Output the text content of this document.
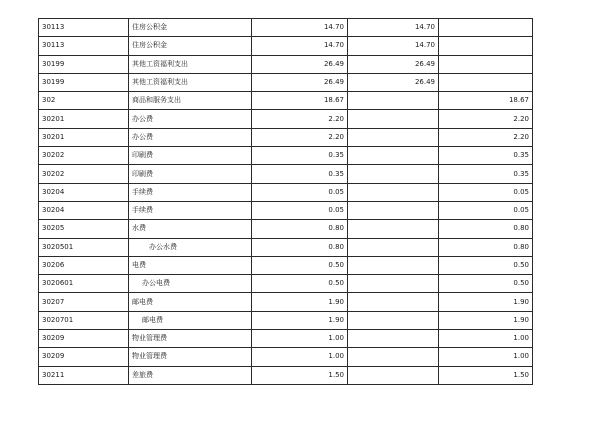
30113	住房公积金	14.70	14.70	
30113	住房公积金	14.70	14.70	
30199	其他工资福利支出	26.49	26.49	
30199	其他工资福利支出	26.49	26.49	
302	商品和服务支出	18.67		18.67
30201	办公费	2.20		2.20
30201	办公费	2.20		2.20
30202	印刷费	0.35		0.35
30202	印刷费	0.35		0.35
30204	手续费	0.05		0.05
30204	手续费	0.05		0.05
30205	水费	0.80		0.80
3020501	办公水费	0.80		0.80
30206	电费	0.50		0.50
3020601	办公电费	0.50		0.50
30207	邮电费	1.90		1.90
3020701	邮电费	1.90		1.90
30209	物业管理费	1.00		1.00
30209	物业管理费	1.00		1.00
30211	差旅费	1.50		1.50
